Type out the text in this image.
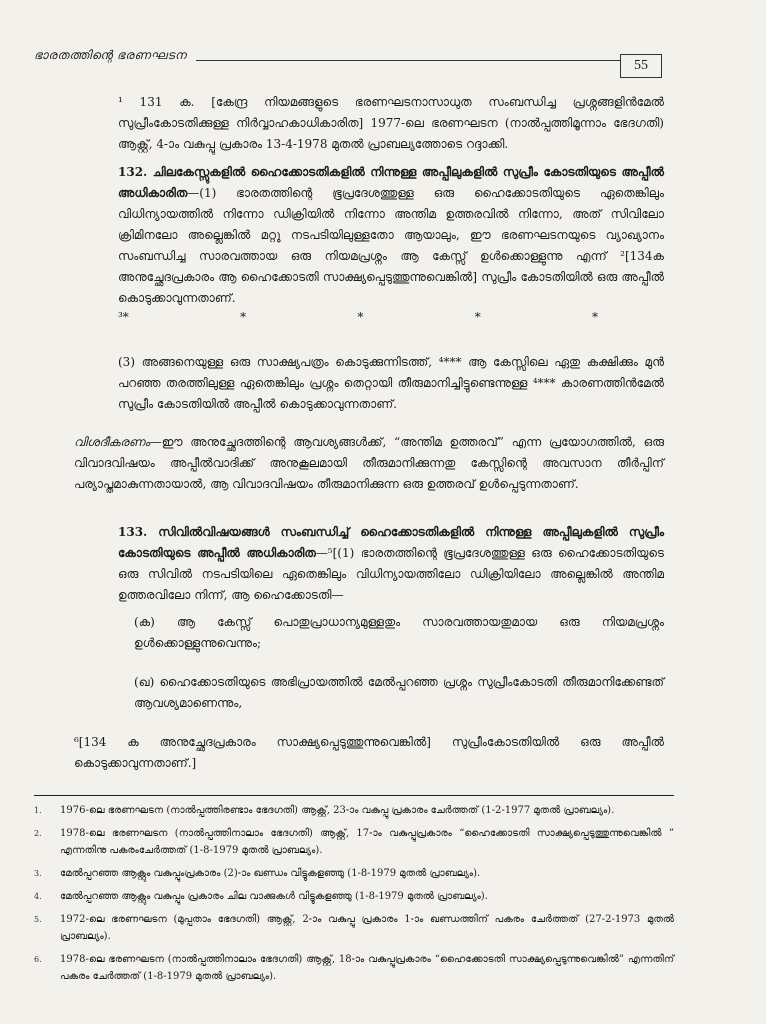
ഭാരതത്തിന്റെ ഭരണഘടന
55

¹ 131 ക. [കേന്ദ്ര നിയമങ്ങളുടെ ഭരണഘടനാസാധുത സംബന്ധിച്ച പ്രശ്നങ്ങളിൻമേൽ സുപ്രീംകോടതിക്കുള്ള നിർവ്വാഹകാധികാരിത] 1977-ലെ ഭരണഘടന (നാൽപ്പത്തിമൂന്നാം ഭേദഗതി) ആക്റ്റ്, 4-ാം വകുപ്പു പ്രകാരം 13-4-1978 മുതൽ പ്രാബല്യത്തോടെ റദ്ദാക്കി.

132. ചിലകേസ്സുകളിൽ ഹൈക്കോടതികളിൽ നിന്നുള്ള അപ്പീലുകളിൽ സുപ്രീം കോടതിയുടെ അപ്പീൽ അധികാരിത—(1) ഭാരതത്തിന്റെ ഭൂപ്രദേശത്തുള്ള ഒരു ഹൈക്കോടതിയുടെ ഏതെങ്കിലും വിധിന്യായത്തിൽ നിന്നോ ഡിക്രിയിൽ നിന്നോ അന്തിമ ഉത്തരവിൽ നിന്നോ, അത് സിവിലോ ക്രിമിനലോ അല്ലെങ്കിൽ മറ്റു നടപടിയിലുള്ളതോ ആയാലും, ഈ ഭരണഘടനയുടെ വ്യാഖ്യാനം സംബന്ധിച്ച സാരവത്തായ ഒരു നിയമപ്രശ്നം ആ കേസ്സ് ഉൾക്കൊള്ളുന്നു എന്ന് ²[134ക അനുച്ഛേദപ്രകാരം ആ ഹൈക്കോടതി സാക്ഷ്യപ്പെടുത്തുന്നുവെങ്കിൽ] സുപ്രീം കോടതിയിൽ ഒരു അപ്പീൽ കൊടുക്കാവുന്നതാണ്.

³*	*	*	*	*

(3) അങ്ങനെയുള്ള ഒരു സാക്ഷ്യപത്രം കൊടുക്കുന്നിടത്ത്, ⁴*** ആ കേസ്സിലെ ഏതു കക്ഷിക്കും മുൻ പറഞ്ഞ തരത്തിലുള്ള ഏതെങ്കിലും പ്രശ്നം തെറ്റായി തീരുമാനിച്ചിട്ടുണ്ടെന്നുള്ള ⁴*** കാരണത്തിൻമേൽ സുപ്രീം കോടതിയിൽ അപ്പീൽ കൊടുക്കാവുന്നതാണ്.

വിശദീകരണം—ഈ അനുച്ഛേദത്തിന്റെ ആവശ്യങ്ങൾക്ക്, “അന്തിമ ഉത്തരവ്” എന്ന പ്രയോഗത്തിൽ, ഒരു വിവാദവിഷയം അപ്പീൽവാദിക്ക് അനുകൂലമായി തീരുമാനിക്കുന്നതു കേസ്സിന്റെ അവസാന തീർപ്പിന് പര്യാപ്തമാകുന്നതായാൽ, ആ വിവാദവിഷയം തീരുമാനിക്കുന്ന ഒരു ഉത്തരവ് ഉൾപ്പെടുന്നതാണ്.

133. സിവിൽവിഷയങ്ങൾ സംബന്ധിച്ച് ഹൈക്കോടതികളിൽ നിന്നുള്ള അപ്പീലുകളിൽ സുപ്രീം കോടതിയുടെ അപ്പീൽ അധികാരിത—⁵[(1) ഭാരതത്തിന്റെ ഭൂപ്രദേശത്തുള്ള ഒരു ഹൈക്കോടതിയുടെ ഒരു സിവിൽ നടപടിയിലെ ഏതെങ്കിലും വിധിന്യായത്തിലോ ഡിക്രിയിലോ അല്ലെങ്കിൽ അന്തിമ ഉത്തരവിലോ നിന്ന്, ആ ഹൈക്കോടതി—

(ക) ആ കേസ്സ് പൊതുപ്രാധാന്യമുള്ളതും സാരവത്തായതുമായ ഒരു നിയമപ്രശ്നം ഉൾക്കൊള്ളുന്നുവെന്നും;

(ഖ) ഹൈക്കോടതിയുടെ അഭിപ്രായത്തിൽ മേൽപ്പറഞ്ഞ പ്രശ്നം സുപ്രീംകോടതി തീരുമാനിക്കേണ്ടത് ആവശ്യമാണെന്നും,

⁶[134 ക അനുച്ഛേദപ്രകാരം സാക്ഷ്യപ്പെടുത്തുന്നുവെങ്കിൽ] സുപ്രീംകോടതിയിൽ ഒരു അപ്പീൽ കൊടുക്കാവുന്നതാണ്.]

1.	1976-ലെ ഭരണഘടന (നാൽപ്പത്തിരണ്ടാം ഭേദഗതി) ആക്റ്റ്, 23-ാം വകുപ്പു പ്രകാരം ചേർത്തത് (1-2-1977 മുതൽ പ്രാബല്യം).
2.	1978-ലെ ഭരണഘടന (നാൽപ്പത്തിനാലാം ഭേദഗതി) ആക്റ്റ്, 17-ാം വകുപ്പുപ്രകാരം “ഹൈക്കോടതി സാക്ഷ്യപ്പെടുത്തുന്നുവെങ്കിൽ ” എന്നതിനു പകരംചേർത്തത് (1-8-1979 മുതൽ പ്രാബല്യം).
3.	മേൽപ്പറഞ്ഞ ആക്റ്റും വകുപ്പുംപ്രകാരം (2)-ാം ഖണ്ഡം വിട്ടുകളഞ്ഞു (1-8-1979 മുതൽ പ്രാബല്യം).
4.	മേൽപ്പറഞ്ഞ ആക്റ്റും വകുപ്പും പ്രകാരം ചില വാക്കുകൾ വിട്ടുകളഞ്ഞു (1-8-1979 മുതൽ പ്രാബല്യം).
5.	1972-ലെ ഭരണഘടന (മുപ്പതാം ഭേദഗതി) ആക്റ്റ്, 2-ാം വകുപ്പു പ്രകാരം 1-ാം ഖണ്ഡത്തിന് പകരം ചേർത്തത് (27-2-1973 മുതൽ പ്രാബല്യം).
6.	1978-ലെ ഭരണഘടന (നാൽപ്പത്തിനാലാം ഭേദഗതി) ആക്റ്റ്, 18-ാം വകുപ്പുപ്രകാരം “ഹൈക്കോടതി സാക്ഷ്യപ്പെടുന്നുവെങ്കിൽ” എന്നതിന് പകരം ചേർത്തത് (1-8-1979 മുതൽ പ്രാബല്യം).
